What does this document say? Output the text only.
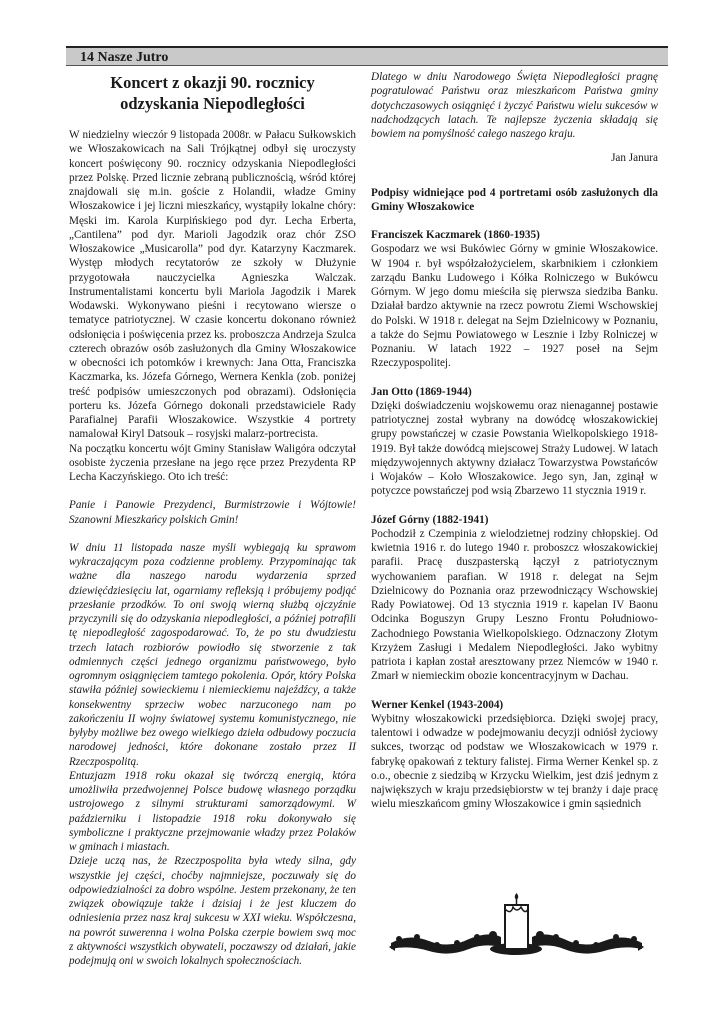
14 Nasze Jutro
Koncert z okazji 90. rocznicy
odzyskania Niepodległości

W niedzielny wieczór 9 listopada 2008r. w Pałacu Sułkowskich we Włoszakowicach na Sali Trójkątnej odbył się uroczysty koncert poświęcony 90. rocznicy odzyskania Niepodległości przez Polskę. Przed licznie zebraną publicznością, wśród której znajdowali się m.in. goście z Holandii, władze Gminy Włoszakowice i jej liczni mieszkańcy, wystąpiły lokalne chóry: Męski im. Karola Kurpińskiego pod dyr. Lecha Erberta, „Cantilena” pod dyr. Marioli Jagodzik oraz chór ZSO Włoszakowice „Musicarolla” pod dyr. Katarzyny Kaczmarek. Występ młodych recytatorów ze szkoły w Dłużynie przygotowała nauczycielka Agnieszka Walczak. Instrumentalistami koncertu byli Mariola Jagodzik i Marek Wodawski. Wykonywano pieśni i recytowano wiersze o tematyce patriotycznej. W czasie koncertu dokonano również odsłonięcia i poświęcenia przez ks. proboszcza Andrzeja Szulca czterech obrazów osób zasłużonych dla Gminy Włoszakowice w obecności ich potomków i krewnych: Jana Otta, Franciszka Kaczmarka, ks. Józefa Górnego, Wernera Kenkla (zob. poniżej treść podpisów umieszczonych pod obrazami). Odsłonięcia porteru ks. Józefa Górnego dokonali przedstawiciele Rady Parafialnej Parafii Włoszakowice. Wszystkie 4 portrety namalował Kiryl Datsouk – rosyjski malarz-portrecista.

Na początku koncertu wójt Gminy Stanisław Waligóra odczytał osobiste życzenia przesłane na jego ręce przez Prezydenta RP Lecha Kaczyńskiego. Oto ich treść:

Panie i Panowie Prezydenci, Burmistrzowie i Wójtowie! Szanowni Mieszkańcy polskich Gmin!

W dniu 11 listopada nasze myśli wybiegają ku sprawom wykraczającym poza codzienne problemy. Przypominając tak ważne dla naszego narodu wydarzenia sprzed dziewięćdziesięciu lat, ogarniamy refleksją i próbujemy podjąć przesłanie przodków. To oni swoją wierną służbą ojczyźnie przyczynili się do odzyskania niepodległości, a później potrafili tę niepodległość zagospodarować. To, że po stu dwudziestu trzech latach rozbiorów powiodło się stworzenie z tak odmiennych części jednego organizmu państwowego, było ogromnym osiągnięciem tamtego pokolenia. Opór, który Polska stawiła później sowieckiemu i niemieckiemu najeźdźcy, a także konsekwentny sprzeciw wobec narzuconego nam po zakończeniu II wojny światowej systemu komunistycznego, nie byłyby możliwe bez owego wielkiego dzieła odbudowy poczucia narodowej jedności, które dokonane zostało przez II Rzeczpospolitą.

Entuzjazm 1918 roku okazał się twórczą energią, która umożliwiła przedwojennej Polsce budowę własnego porządku ustrojowego z silnymi strukturami samorządowymi. W październiku i listopadzie 1918 roku dokonywało się symboliczne i praktyczne przejmowanie władzy przez Polaków w gminach i miastach.

Dzieje uczą nas, że Rzeczpospolita była wtedy silna, gdy wszystkie jej części, choćby najmniejsze, poczuwały się do odpowiedzialności za dobro wspólne. Jestem przekonany, że ten związek obowiązuje także i dzisiaj i że jest kluczem do odniesienia przez nasz kraj sukcesu w XXI wieku. Współczesna, na powrót suwerenna i wolna Polska czerpie bowiem swą moc z aktywności wszystkich obywateli, poczawszy od działań, jakie podejmują oni w swoich lokalnych społecznościach.

Dlatego w dniu Narodowego Święta Niepodległości pragnę pogratulować Państwu oraz mieszkańcom Państwa gminy dotychczasowych osiągnięć i życzyć Państwu wielu sukcesów w nadchodzących latach. Te najlepsze życzenia składają się bowiem na pomyślność całego naszego kraju.

Jan Janura

Podpisy widniejące pod 4 portretami osób zasłużonych dla Gminy Włoszakowice

Franciszek Kaczmarek (1860-1935)

Gospodarz we wsi Bukówiec Górny w gminie Włoszakowice. W 1904 r. był współzałożycielem, skarbnikiem i członkiem zarządu Banku Ludowego i Kółka Rolniczego w Bukówcu Górnym. W jego domu mieściła się pierwsza siedziba Banku. Działał bardzo aktywnie na rzecz powrotu Ziemi Wschowskiej do Polski. W 1918 r. delegat na Sejm Dzielnicowy w Poznaniu, a także do Sejmu Powiatowego w Lesznie i Izby Rolniczej w Poznaniu. W latach 1922 – 1927 poseł na Sejm Rzeczypospolitej.

Jan Otto (1869-1944)

Dzięki doświadczeniu wojskowemu oraz nienagannej postawie patriotycznej został wybrany na dowódcę włoszakowickiej grupy powstańczej w czasie Powstania Wielkopolskiego 1918-1919. Był także dowódcą miejscowej Straży Ludowej. W latach międzywojennych aktywny działacz Towarzystwa Powstańców i Wojaków – Koło Włoszakowice. Jego syn, Jan, zginął w potyczce powstańczej pod wsią Zbarzewo 11 stycznia 1919 r.

Józef Górny (1882-1941)

Pochodził z Czempinia z wielodzietnej rodziny chłopskiej. Od kwietnia 1916 r. do lutego 1940 r. proboszcz włoszakowickiej parafii. Pracę duszpasterską łączył z patriotycznym wychowaniem parafian. W 1918 r. delegat na Sejm Dzielnicowy do Poznania oraz przewodniczący Wschowskiej Rady Powiatowej. Od 13 stycznia 1919 r. kapelan IV Baonu Odcinka Boguszyn Grupy Leszno Frontu Południowo-Zachodniego Powstania Wielkopolskiego. Odznaczony Złotym Krzyżem Zasługi i Medalem Niepodległości. Jako wybitny patriota i kapłan został aresztowany przez Niemców w 1940 r. Zmarł w niemieckim obozie koncentracyjnym w Dachau.

Werner Kenkel (1943-2004)

Wybitny włoszakowicki przedsiębiorca. Dzięki swojej pracy, talentowi i odwadze w podejmowaniu decyzji odniósł życiowy sukces, tworząc od podstaw we Włoszakowicach w 1979 r. fabrykę opakowań z tektury falistej. Firma Werner Kenkel sp. z o.o., obecnie z siedzibą w Krzycku Wielkim, jest dziś jednym z największych w kraju przedsiębiorstw w tej branży i daje pracę wielu mieszkańcom gminy Włoszakowice i gmin sąsiednich
